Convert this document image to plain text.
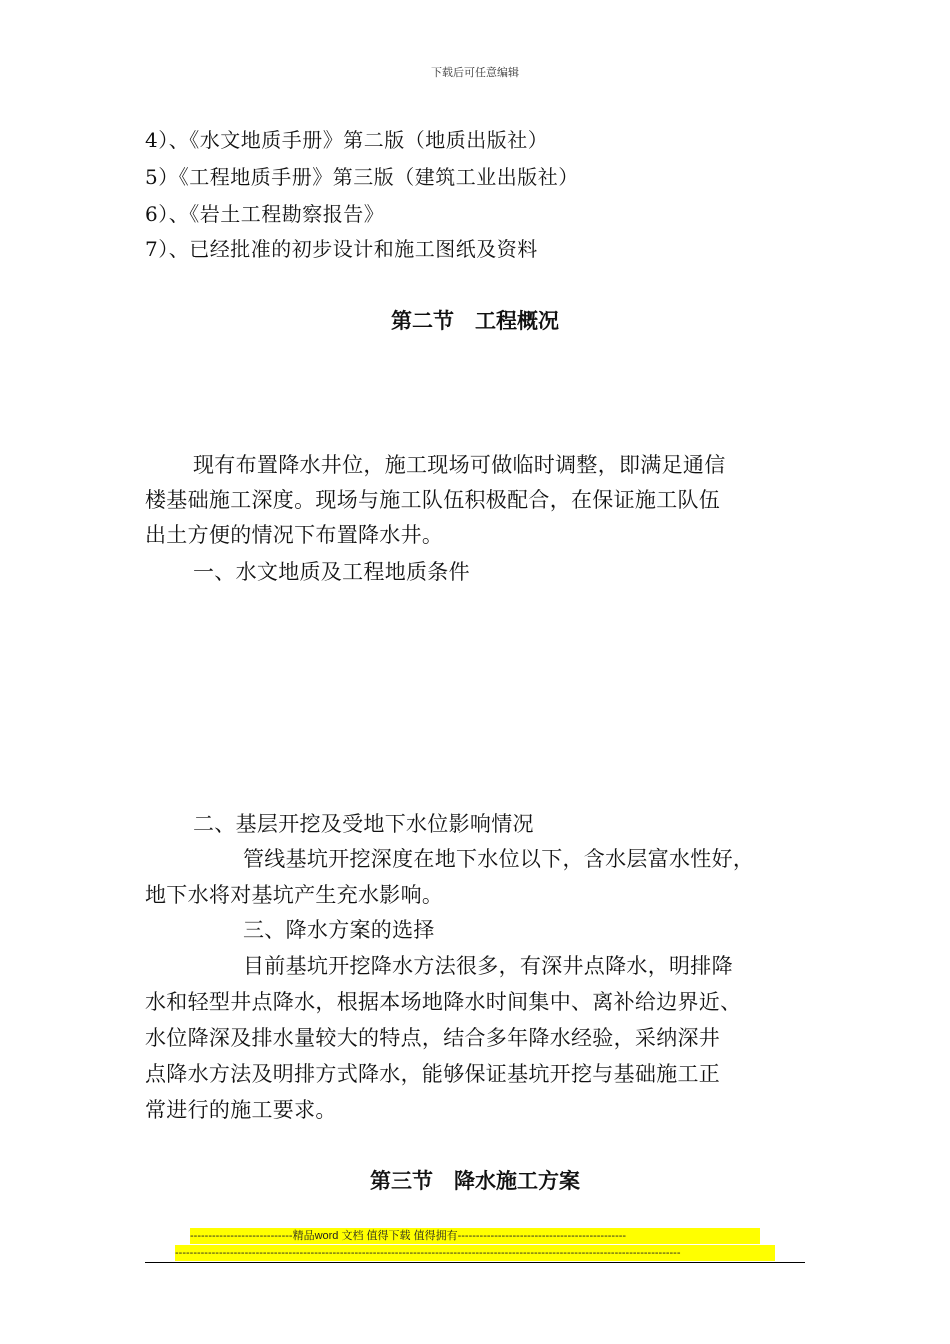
下载后可任意编辑
4）、《水文地质手册》第二版（地质出版社）
5）《工程地质手册》第三版（建筑工业出版社）
6）、《岩土工程勘察报告》
7）、已经批准的初步设计和施工图纸及资料
第二节　工程概况
现有布置降水井位，施工现场可做临时调整，即满足通信
楼基础施工深度。现场与施工队伍积极配合，在保证施工队伍
出土方便的情况下布置降水井。
一、水文地质及工程地质条件
二、基层开挖及受地下水位影响情况
管线基坑开挖深度在地下水位以下，含水层富水性好，
地下水将对基坑产生充水影响。
三、降水方案的选择
目前基坑开挖降水方法很多，有深井点降水，明排降
水和轻型井点降水，根据本场地降水时间集中、离补给边界近、
水位降深及排水量较大的特点，结合多年降水经验，采纳深井
点降水方法及明排方式降水，能够保证基坑开挖与基础施工正
常进行的施工要求。
第三节　降水施工方案
----------------------------精品word 文档 值得下载 值得拥有----------------------------------------------
------------------------------------------------------------------------------------------------------------------------------------------
